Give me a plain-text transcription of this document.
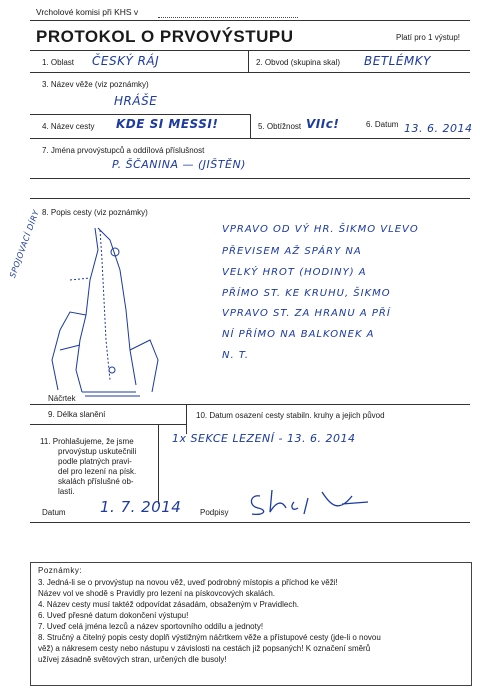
Vrcholové komisi při KHS v
PROTOKOL O PRVOVÝSTUPU	Platí pro 1 výstup!
1. Oblast ČESKÝ RÁJ	2. Obvod (skupina skal) BETLÉMKY
3. Název věže (viz poznámky)
HRÁŠE
4. Název cesty KDE SI MESSI!	5. Obtížnost VIIc!	6. Datum 13. 6. 2014
7. Jména prvovýstupců a oddílová příslušnost
P. ŠČANINA — (JIŠTĚN)
8. Popis cesty (viz poznámky)
SPOJOVACÍ DÍRY	VPRAVO OD VÝ HR. ŠIKMO VLEVO
PŘEVISEM AŽ SPÁRY NA
VELKÝ HROT (HODINY) A
PŘÍMO ST. KE KRUHU, ŠIKMO
VPRAVO ST. ZA HRANU A PŘÍ
NÍ PŘÍMO NA BALKONEK A
N. T.
Náčrtek
9. Délka slanění	10. Datum osazení cesty stabiln. kruhy a jejich původ
1x SEKCE LEZENÍ - 13. 6. 2014
11. Prohlašujeme, že jsme
prvovýstup uskutečnili
podle platných pravi-
del pro lezení na písk.
skalách příslušné ob-
lasti.
Datum 1. 7. 2014 Podpisy
Poznámky:
3. Jedná-li se o prvovýstup na novou věž, uveď podrobný místopis a příchod ke věži!
Název vol ve shodě s Pravidly pro lezení na pískovcových skalách.
4. Název cesty musí taktéž odpovídat zásadám, obsaženým v Pravidlech.
6. Uveď přesné datum dokončení výstupu!
7. Uveď celá jména lezců a název sportovního oddílu a jednoty!
8. Stručný a čitelný popis cesty doplň výstižným náčrtkem věže a přístupové cesty (jde-li o novou
věž) a nákresem cesty nebo nástupu v závislosti na cestách již popsaných! K označení směrů
užívej zásadně světových stran, určených dle busoly!
